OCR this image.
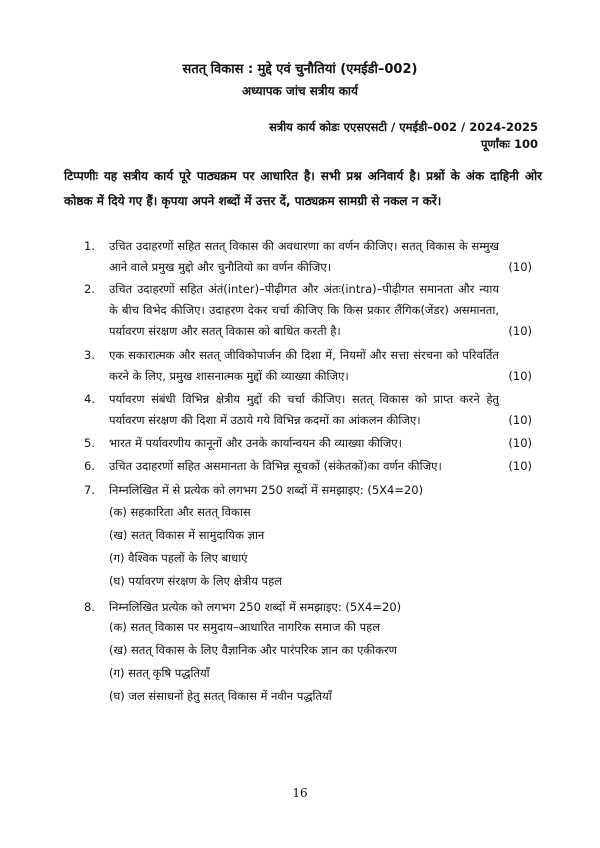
सतत् विकास : मुद्दे एवं चुनौतियां (एमईडी–002)
अध्यापक जांच सत्रीय कार्य
सत्रीय कार्य कोडः एएसएसटी / एमईडी–002 / 2024-2025
पूर्णांकः 100
टिप्पणीः यह सत्रीय कार्य पूरे पाठ्यक्रम पर आधारित है। सभी प्रश्न अनिवार्य है। प्रश्नों के अंक दाहिनी ओर कोष्ठक में दिये गए हैं। कृपया अपने शब्दों में उत्तर दें, पाठ्यक्रम सामग्री से नकल न करें।
1. उचित उदाहरणों सहित सतत् विकास की अवधारणा का वर्णन कीजिए। सतत् विकास के सम्मुख आने वाले प्रमुख मुद्दो और चुनौतियो का वर्णन कीजिए।	(10)
2. उचित उदाहरणों सहित अंतं(inter)–पीढ़ीगत और अंतः(intra)–पीढ़ीगत समानता और न्याय के बीच विभेद कीजिए। उदाहरण देकर चर्चा कीजिए कि किस प्रकार लैंगिक(जेंडर) असमानता, पर्यावरण संरक्षण और सतत् विकास को बाधित करती है।	(10)
3. एक सकारात्मक और सतत् जीविकोपार्जन की दिशा में, नियमों और सत्ता संरचना को परिवर्तित करने के लिए, प्रमुख शासनात्मक मुद्दों की व्याख्या कीजिए।	(10)
4. पर्यावरण संबंधी विभिन्न क्षेत्रीय मुद्दों की चर्चा कीजिए। सतत् विकास को प्राप्त करने हेतु पर्यावरण संरक्षण की दिशा में उठाये गये विभिन्न कदमों का आंकलन कीजिए।	(10)
5. भारत में पर्यावरणीय कानूनों और उनके कार्यान्वयन की व्याख्या कीजिए।	(10)
6. उचित उदाहरणों सहित असमानता के विभिन्न सूचकों (संकेतकों)का वर्णन कीजिए।	(10)
7. निम्नलिखित में से प्रत्येक को लगभग 250 शब्दों में समझाइए: (5X4=20)
(क) सहकारिता और सतत् विकास
(ख) सतत् विकास में सामुदायिक ज्ञान
(ग) वैश्विक पहलों के लिए बाधाएं
(घ) पर्यावरण संरक्षण के लिए क्षेत्रीय पहल
8. निम्नलिखित प्रत्येक को लगभग 250 शब्दों में समझाइए: (5X4=20)
(क) सतत् विकास पर समुदाय–आधारित नागरिक समाज की पहल
(ख) सतत् विकास के लिए वैज्ञानिक और पारंपरिक ज्ञान का एकीकरण
(ग) सतत् कृषि पद्धतियाँ
(घ) जल संसाधनों हेतु सतत् विकास में नवीन पद्धतियाँ
16
